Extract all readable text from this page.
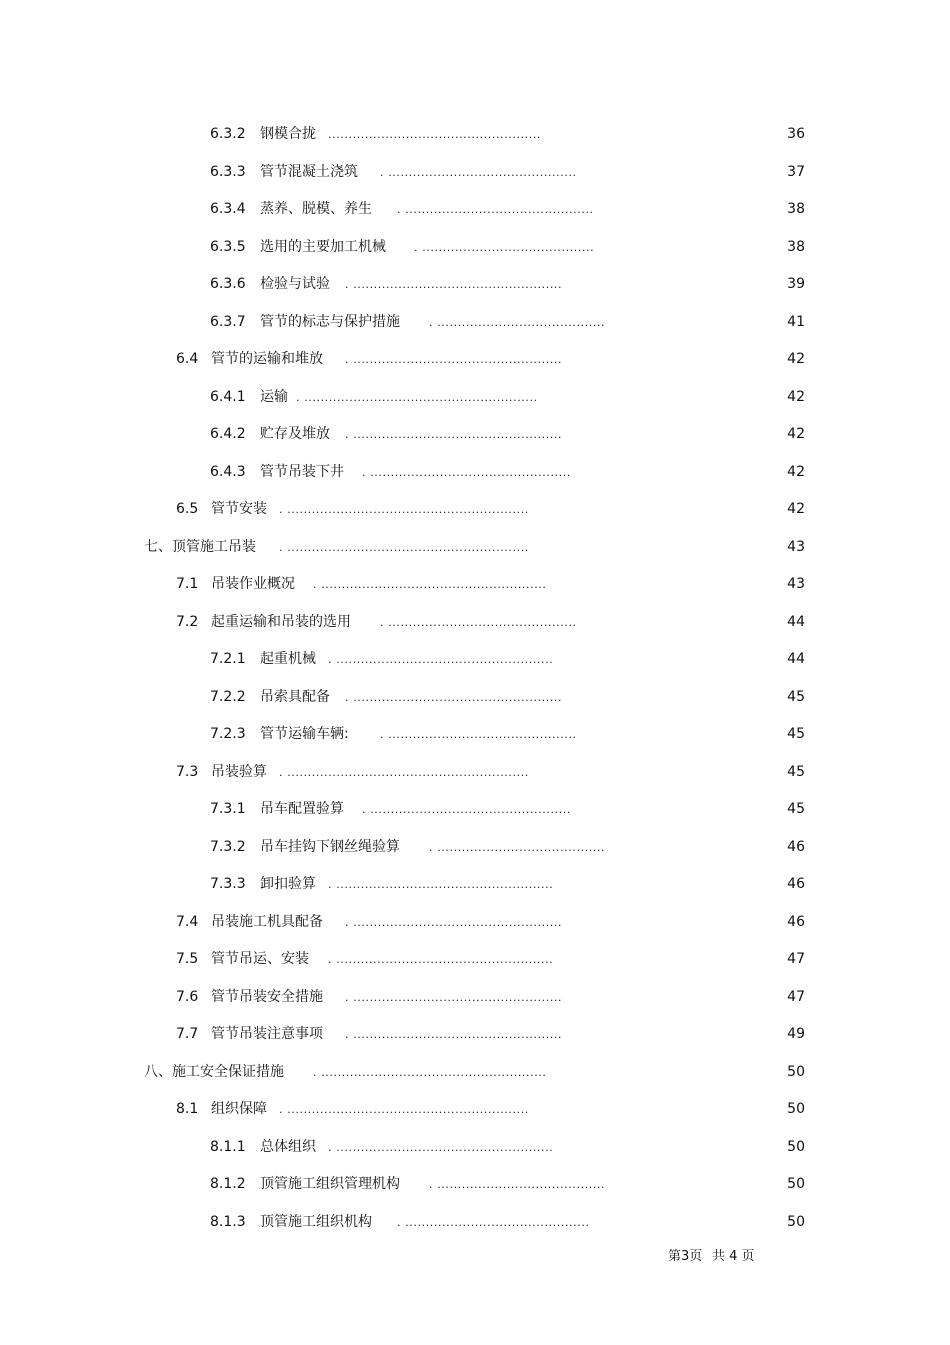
6.3.2 钢模合拢 ....................................................	36
6.3.3 管节混凝土浇筑 . ..............................................	37
6.3.4 蒸养、脱模、养生 . ..............................................	38
6.3.5 选用的主要加工机械	. ..........................................	38
6.3.6 检验与试验 . ...................................................	39
6.3.7 管节的标志与保护措施	. .........................................	41
6.4 管节的运输和堆放 . ...................................................	42
6.4.1 运输 . .........................................................	42
6.4.2 贮存及堆放 . ...................................................	42
6.4.3 管节吊装下井 . .................................................	42
6.5 管节安装 . ...........................................................	42
七、顶管施工吊装 . ...........................................................	43
7.1 吊装作业概况 . .......................................................	43
7.2 起重运输和吊装的选用	. ..............................................	44
7.2.1 起重机械 . .....................................................	44
7.2.2 吊索具配备 . ...................................................	45
7.2.3 管节运输车辆:	. ..............................................	45
7.3 吊装验算 . ...........................................................	45
7.3.1 吊车配置验算 . .................................................	45
7.3.2 吊车挂钩下钢丝绳验算	. .........................................	46
7.3.3 卸扣验算 . .....................................................	46
7.4 吊装施工机具配备 . ...................................................	46
7.5 管节吊运、安装 . .....................................................	47
7.6 管节吊装安全措施 . ...................................................	47
7.7 管节吊装注意事项 . ...................................................	49
八、施工安全保证措施	. .......................................................	50
8.1 组织保障 . ...........................................................	50
8.1.1 总体组织 . .....................................................	50
8.1.2 顶管施工组织管理机构	. .........................................	50
8.1.3 顶管施工组织机构 . .............................................	50
第3页 共 4 页
